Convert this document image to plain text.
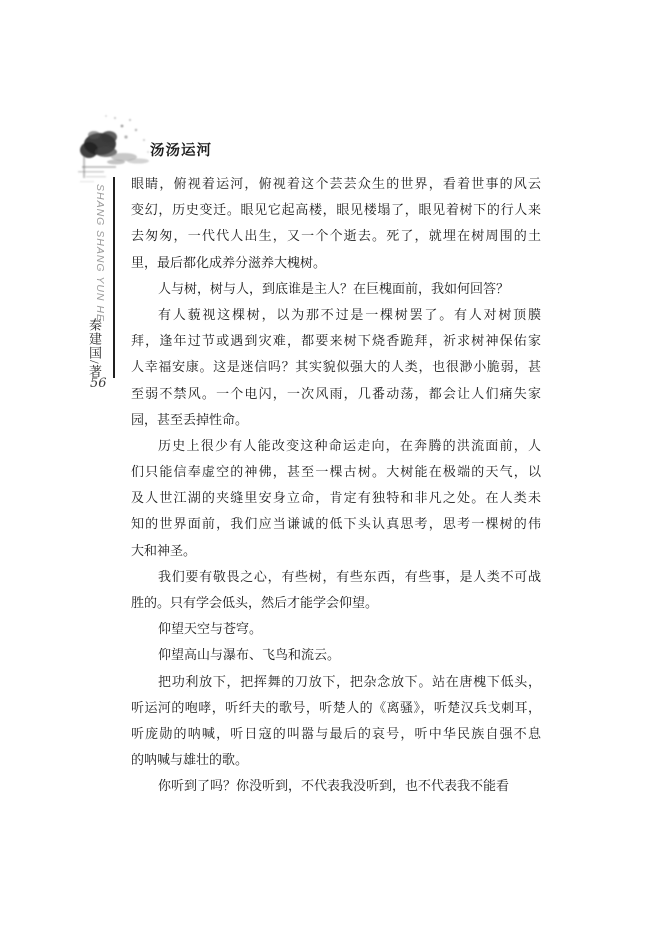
汤汤运河
SHANG SHANG YUN HE
秦建国/著
56
眼睛，俯视着运河，俯视着这个芸芸众生的世界，看着世事的风云
变幻，历史变迁。眼见它起高楼，眼见楼塌了，眼见着树下的行人来
去匆匆，一代代人出生，又一个个逝去。死了，就埋在树周围的土
里，最后都化成养分滋养大槐树。
人与树，树与人，到底谁是主人？在巨槐面前，我如何回答？
有人藐视这棵树，以为那不过是一棵树罢了。有人对树顶膜
拜，逢年过节或遇到灾难，都要来树下烧香跪拜，祈求树神保佑家
人幸福安康。这是迷信吗？其实貌似强大的人类，也很渺小脆弱，甚
至弱不禁风。一个电闪，一次风雨，几番动荡，都会让人们痛失家
园，甚至丢掉性命。
历史上很少有人能改变这种命运走向，在奔腾的洪流面前，人
们只能信奉虚空的神佛，甚至一棵古树。大树能在极端的天气，以
及人世江湖的夹缝里安身立命，肯定有独特和非凡之处。在人类未
知的世界面前，我们应当谦诚的低下头认真思考，思考一棵树的伟
大和神圣。
我们要有敬畏之心，有些树，有些东西，有些事，是人类不可战
胜的。只有学会低头，然后才能学会仰望。
仰望天空与苍穹。
仰望高山与瀑布、飞鸟和流云。
把功利放下，把挥舞的刀放下，把杂念放下。站在唐槐下低头，
听运河的咆哮，听纤夫的歌号，听楚人的《离骚》，听楚汉兵戈刺耳，
听庞勋的呐喊，听日寇的叫嚣与最后的哀号，听中华民族自强不息
的呐喊与雄壮的歌。
你听到了吗？你没听到，不代表我没听到，也不代表我不能看
